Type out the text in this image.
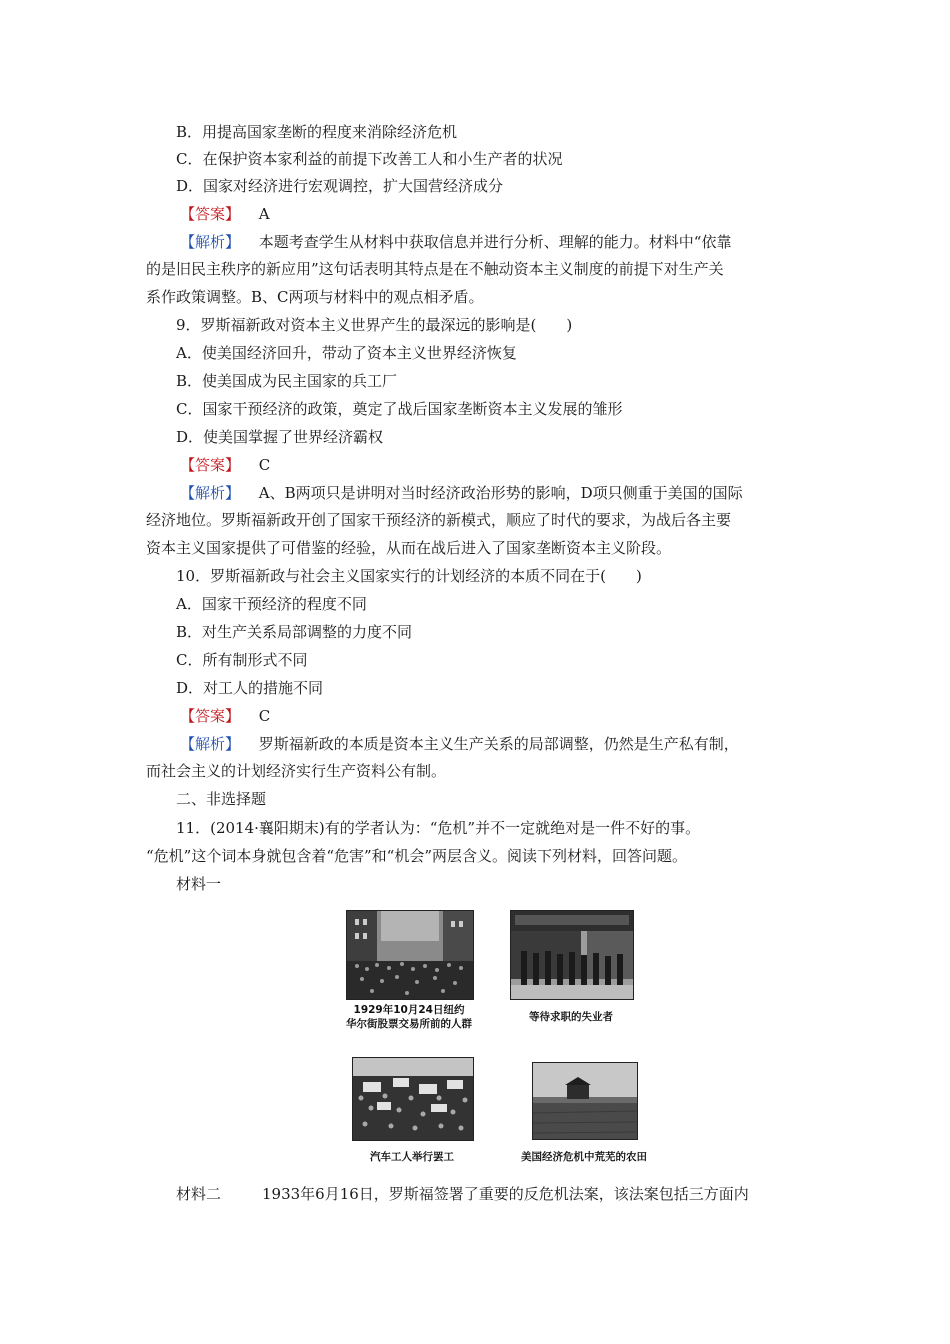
B．用提高国家垄断的程度来消除经济危机
C．在保护资本家利益的前提下改善工人和小生产者的状况
D．国家对经济进行宏观调控，扩大国营经济成分
【答案】 A
【解析】 本题考查学生从材料中获取信息并进行分析、理解的能力。材料中“依靠
的是旧民主秩序的新应用”这句话表明其特点是在不触动资本主义制度的前提下对生产关
系作政策调整。B、C两项与材料中的观点相矛盾。
9．罗斯福新政对资本主义世界产生的最深远的影响是(　　)
A．使美国经济回升，带动了资本主义世界经济恢复
B．使美国成为民主国家的兵工厂
C．国家干预经济的政策，奠定了战后国家垄断资本主义发展的雏形
D．使美国掌握了世界经济霸权
【答案】 C
【解析】 A、B两项只是讲明对当时经济政治形势的影响，D项只侧重于美国的国际
经济地位。罗斯福新政开创了国家干预经济的新模式，顺应了时代的要求，为战后各主要
资本主义国家提供了可借鉴的经验，从而在战后进入了国家垄断资本主义阶段。
10．罗斯福新政与社会主义国家实行的计划经济的本质不同在于(　　)
A．国家干预经济的程度不同
B．对生产关系局部调整的力度不同
C．所有制形式不同
D．对工人的措施不同
【答案】 C
【解析】 罗斯福新政的本质是资本主义生产关系的局部调整，仍然是生产私有制，
而社会主义的计划经济实行生产资料公有制。
二、非选择题
11．(2014·襄阳期末)有的学者认为：“危机”并不一定就绝对是一件不好的事。
“危机”这个词本身就包含着“危害”和“机会”两层含义。阅读下列材料，回答问题。
材料一
1929年10月24日纽约
华尔街股票交易所前的人群
等待求职的失业者
汽车工人举行罢工	美国经济危机中荒芜的农田
材料二	1933年6月16日，罗斯福签署了重要的反危机法案，该法案包括三方面内
